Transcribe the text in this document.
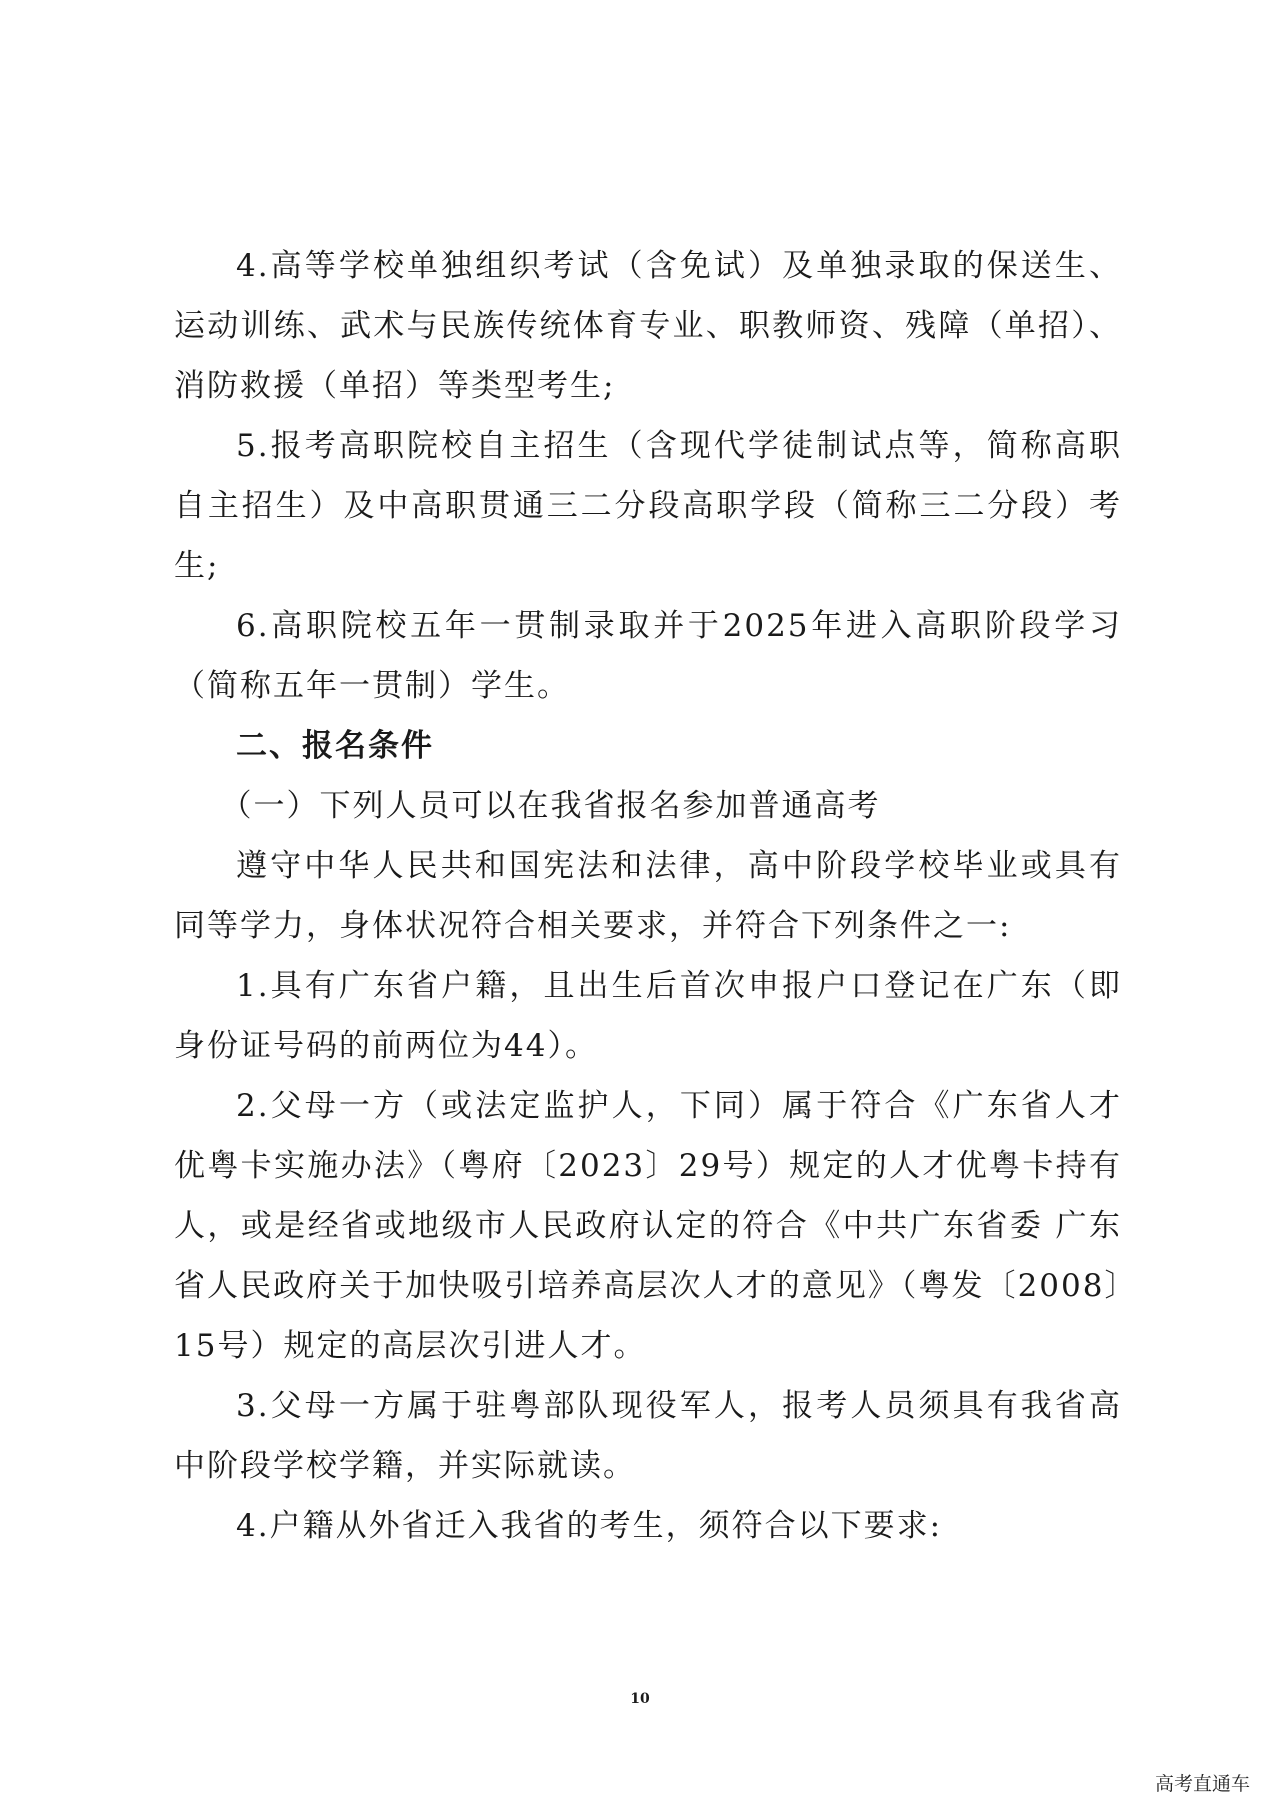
4.高等学校单独组织考试（含免试）及单独录取的保送生、运动训练、武术与民族传统体育专业、职教师资、残障（单招）、消防救援（单招）等类型考生;

5.报考高职院校自主招生（含现代学徒制试点等，简称高职自主招生）及中高职贯通三二分段高职学段（简称三二分段）考生;

6.高职院校五年一贯制录取并于2025年进入高职阶段学习（简称五年一贯制）学生。

二、报名条件

（一）下列人员可以在我省报名参加普通高考

遵守中华人民共和国宪法和法律，高中阶段学校毕业或具有同等学力，身体状况符合相关要求，并符合下列条件之一:

1.具有广东省户籍，且出生后首次申报户口登记在广东（即身份证号码的前两位为44）。

2.父母一方（或法定监护人，下同）属于符合《广东省人才优粤卡实施办法》（粤府〔2023〕29号）规定的人才优粤卡持有人，或是经省或地级市人民政府认定的符合《中共广东省委 广东省人民政府关于加快吸引培养高层次人才的意见》（粤发〔2008〕15号）规定的高层次引进人才。

3.父母一方属于驻粤部队现役军人，报考人员须具有我省高中阶段学校学籍，并实际就读。

4.户籍从外省迁入我省的考生，须符合以下要求:

10
高考直通车
